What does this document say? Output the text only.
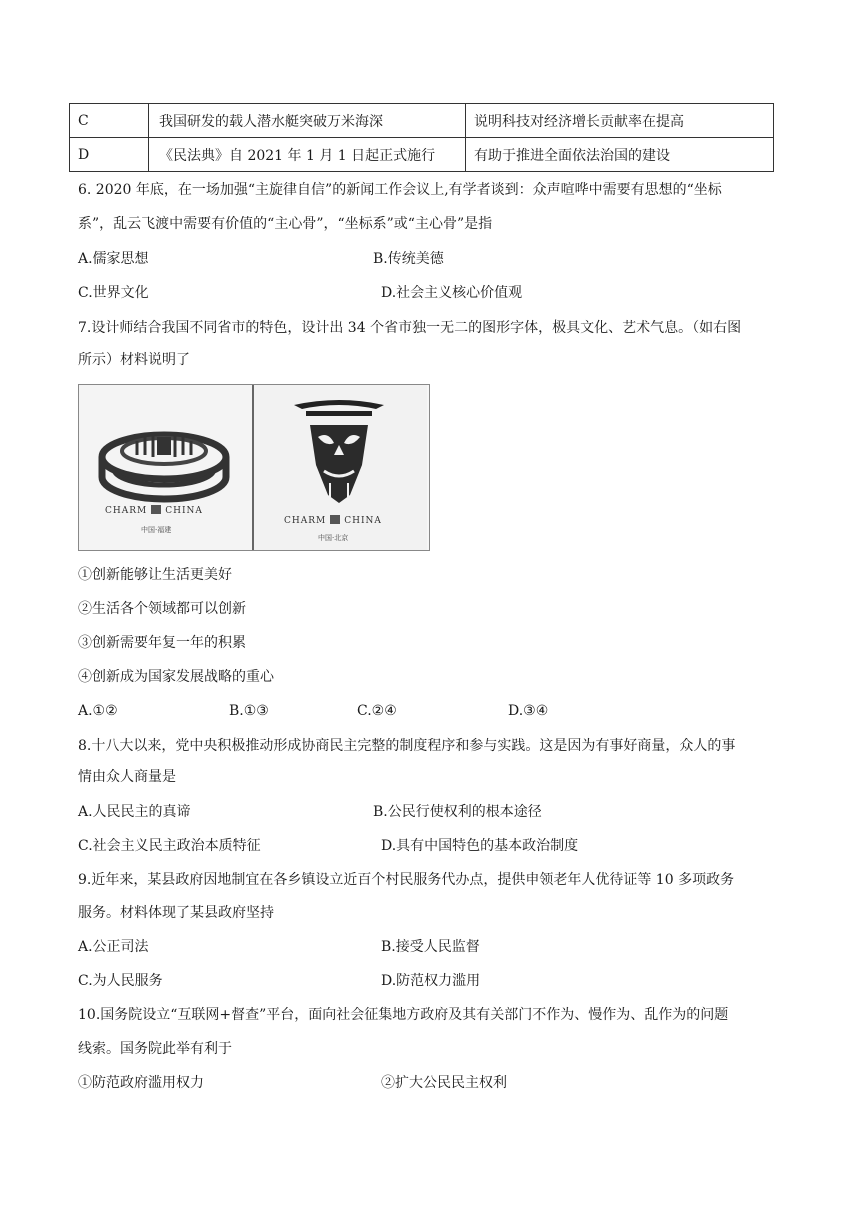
C	我国研发的载人潜水艇突破万米海深	说明科技对经济增长贡献率在提高
D	《民法典》自 2021 年 1 月 1 日起正式施行	有助于推进全面依法治国的建设
6. 2020 年底，在一场加强“主旋律自信”的新闻工作会议上,有学者谈到：众声喧哗中需要有思想的“坐标
系”，乱云飞渡中需要有价值的“主心骨”，“坐标系”或“主心骨”是指
A.儒家思想	B.传统美德
C.世界文化	D.社会主义核心价值观
7.设计师结合我国不同省市的特色，设计出 34 个省市独一无二的图形字体，极具文化、艺术气息。（如右图
所示）材料说明了
CHARM CHINA
中国·福建
CHARM CHINA
中国·北京
①创新能够让生活更美好
②生活各个领域都可以创新
③创新需要年复一年的积累
④创新成为国家发展战略的重心
A.①②	B.①③	C.②④	D.③④
8.十八大以来，党中央积极推动形成协商民主完整的制度程序和参与实践。这是因为有事好商量，众人的事
情由众人商量是
A.人民民主的真谛	B.公民行使权利的根本途径
C.社会主义民主政治本质特征	D.具有中国特色的基本政治制度
9.近年来，某县政府因地制宜在各乡镇设立近百个村民服务代办点，提供申领老年人优待证等 10 多项政务
服务。材料体现了某县政府坚持
A.公正司法	B.接受人民监督
C.为人民服务	D.防范权力滥用
10.国务院设立“互联网+督查”平台，面向社会征集地方政府及其有关部门不作为、慢作为、乱作为的问题
线索。国务院此举有利于
①防范政府滥用权力	②扩大公民民主权利
